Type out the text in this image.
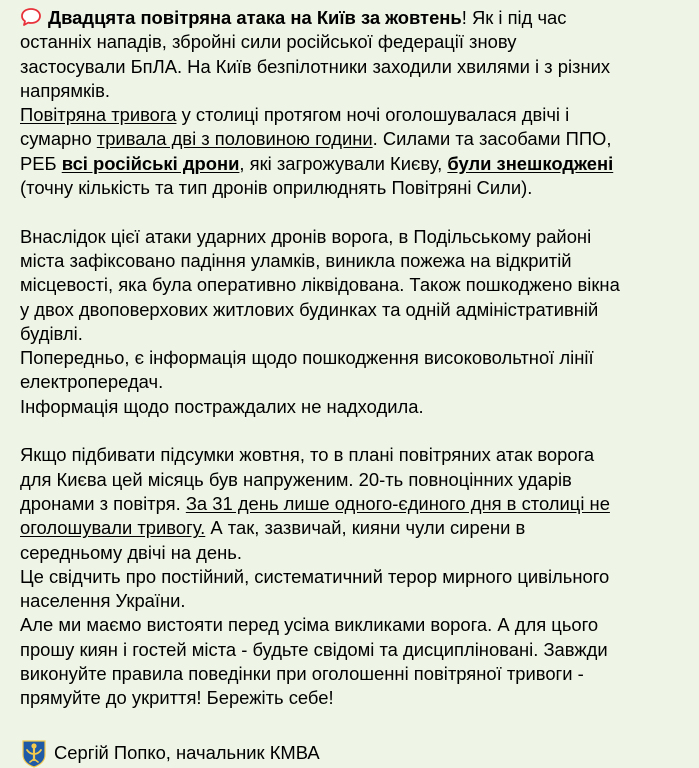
Двадцята повітряна атака на Київ за жовтень! Як і під час

останніх нападів, збройні сили російської федерації знову

застосували БпЛА. На Київ безпілотники заходили хвилями і з різних

напрямків.

Повітряна тривога у столиці протягом ночі оголошувалася двічі і

сумарно тривала дві з половиною години. Силами та засобами ППО,

РЕБ всі російські дрони, які загрожували Києву, були знешкоджені

(точну кількість та тип дронів оприлюднять Повітряні Сили).

Внаслідок цієї атаки ударних дронів ворога, в Подільському районі

міста зафіксовано падіння уламків, виникла пожежа на відкритій

місцевості, яка була оперативно ліквідована. Також пошкоджено вікна

у двох двоповерхових житлових будинках та одній адміністративній

будівлі.

Попередньо, є інформація щодо пошкодження високовольтної лінії

електропередач.

Інформація щодо постраждалих не надходила.

Якщо підбивати підсумки жовтня, то в плані повітряних атак ворога

для Києва цей місяць був напруженим. 20-ть повноцінних ударів

дронами з повітря. За 31 день лише одного-єдиного дня в столиці не

оголошували тривогу. А так, зазвичай, кияни чули сирени в

середньому двічі на день.

Це свідчить про постійний, систематичний терор мирного цивільного

населення України.

Але ми маємо вистояти перед усіма викликами ворога. А для цього

прошу киян і гостей міста - будьте свідомі та дисципліновані. Завжди

виконуйте правила поведінки при оголошенні повітряної тривоги -

прямуйте до укриття! Бережіть себе!

Сергій Попко, начальник КМВА
